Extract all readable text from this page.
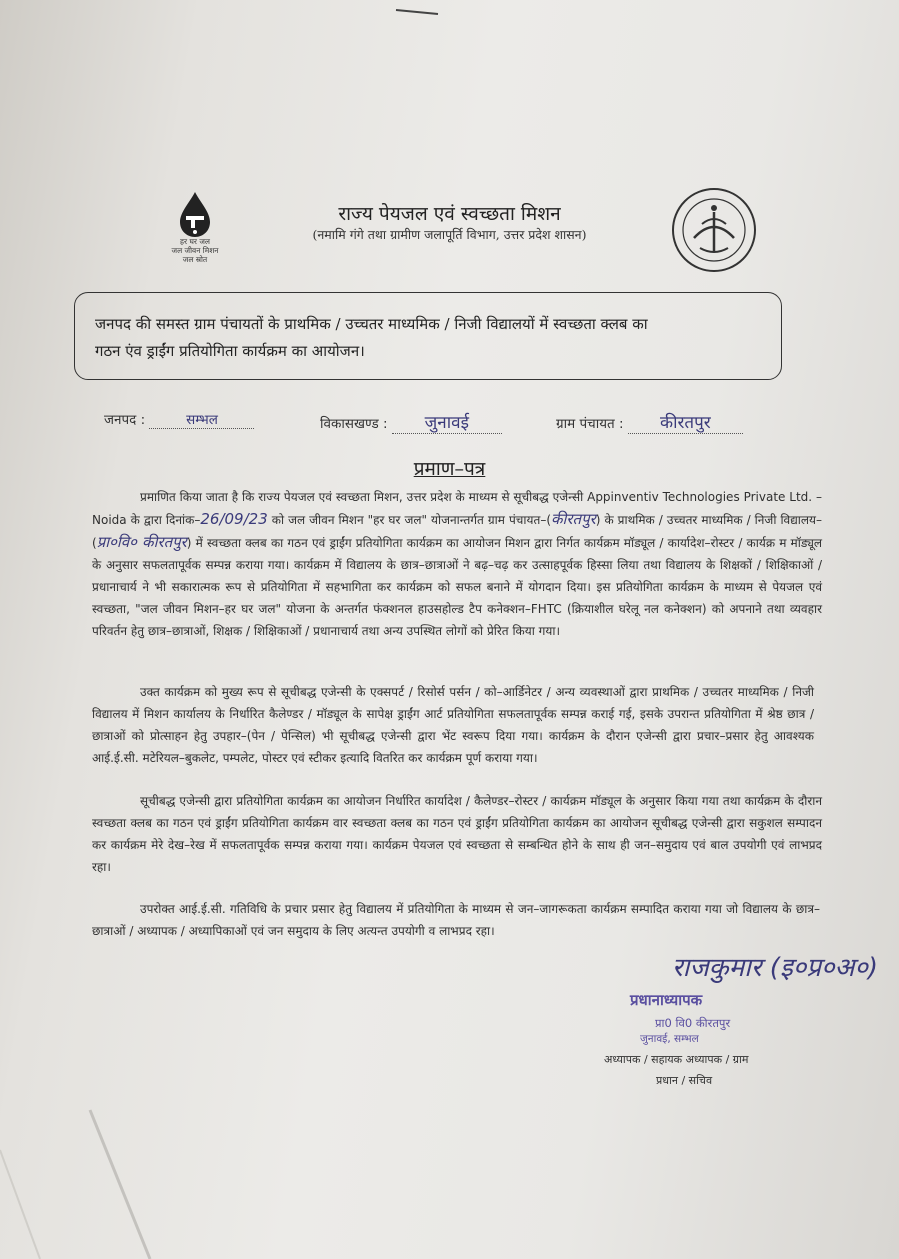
हर घर जल
जल जीवन मिशन
जल स्रोत
राज्य पेयजल एवं स्वच्छता मिशन
(नमामि गंगे तथा ग्रामीण जलापूर्ति विभाग, उत्तर प्रदेश शासन)
जनपद की समस्त ग्राम पंचायतों के प्राथमिक / उच्चतर माध्यमिक / निजी विद्यालयों में स्वच्छता क्लब का
गठन एंव ड्राईंग प्रतियोगिता कार्यक्रम का आयोजन।
जनपद :	सम्भल	विकासखण्ड : जुनावई	ग्राम पंचायत : कीरतपुर
प्रमाण–पत्र

प्रमाणित किया जाता है कि राज्य पेयजल एवं स्वच्छता मिशन, उत्तर प्रदेश के माध्यम से सूचीबद्ध एजेन्सी Appinventiv Technologies Private Ltd. – Noida के द्वारा दिनांक–26/09/23 को जल जीवन मिशन "हर घर जल" योजनान्तर्गत ग्राम पंचायत–(कीरतपुर) के प्राथमिक / उच्चतर माध्यमिक / निजी विद्यालय–(प्रा०वि० कीरतपुर) में स्वच्छता क्लब का गठन एवं ड्राईंग प्रतियोगिता कार्यक्रम का आयोजन मिशन द्वारा निर्गत कार्यक्रम मॉड्यूल / कार्यादेश–रोस्टर / कार्यक्र म मॉड्यूल के अनुसार सफलतापूर्वक सम्पन्न कराया गया। कार्यक्रम में विद्यालय के छात्र–छात्राओं ने बढ़–चढ़ कर उत्साहपूर्वक हिस्सा लिया तथा विद्यालय के शिक्षकों / शिक्षिकाओं / प्रधानाचार्य ने भी सकारात्मक रूप से प्रतियोगिता में सहभागिता कर कार्यक्रम को सफल बनाने में योगदान दिया। इस प्रतियोगिता कार्यक्रम के माध्यम से पेयजल एवं स्वच्छता, "जल जीवन मिशन–हर घर जल" योजना के अन्तर्गत फंक्शनल हाउसहोल्ड टैप कनेक्शन–FHTC (क्रियाशील घरेलू नल कनेक्शन) को अपनाने तथा व्यवहार परिवर्तन हेतु छात्र–छात्राओं, शिक्षक / शिक्षिकाओं / प्रधानाचार्य तथा अन्य उपस्थित लोगों को प्रेरित किया गया।

उक्त कार्यक्रम को मुख्य रूप से सूचीबद्ध एजेन्सी के एक्सपर्ट / रिसोर्स पर्सन / को–आर्डिनेटर / अन्य व्यवस्थाओं द्वारा प्राथमिक / उच्चतर माध्यमिक / निजी विद्यालय में मिशन कार्यालय के निर्धारित कैलेण्डर / मॉड्यूल के सापेक्ष ड्राईंग आर्ट प्रतियोगिता सफलतापूर्वक सम्पन्न कराई गई, इसके उपरान्त प्रतियोगिता में श्रेष्ठ छात्र / छात्राओं को प्रोत्साहन हेतु उपहार–(पेन / पेन्सिल) भी सूचीबद्ध एजेन्सी द्वारा भेंट स्वरूप दिया गया। कार्यक्रम के दौरान एजेन्सी द्वारा प्रचार–प्रसार हेतु आवश्यक आई.ई.सी. मटेरियल–बुकलेट, पम्पलेट, पोस्टर एवं स्टीकर इत्यादि वितरित कर कार्यक्रम पूर्ण कराया गया।

सूचीबद्ध एजेन्सी द्वारा प्रतियोगिता कार्यक्रम का आयोजन निर्धारित कार्यादेश / कैलेण्डर–रोस्टर / कार्यक्रम मॉड्यूल के अनुसार किया गया तथा कार्यक्रम के दौरान स्वच्छता क्लब का गठन एवं ड्राईंग प्रतियोगिता कार्यक्रम वार स्वच्छता क्लब का गठन एवं ड्राईंग प्रतियोगिता कार्यक्रम का आयोजन सूचीबद्ध एजेन्सी द्वारा सकुशल सम्पादन कर कार्यक्रम मेरे देख–रेख में सफलतापूर्वक सम्पन्न कराया गया। कार्यक्रम पेयजल एवं स्वच्छता से सम्बन्धित होने के साथ ही जन–समुदाय एवं बाल उपयोगी एवं लाभप्रद रहा।

उपरोक्त आई.ई.सी. गतिविधि के प्रचार प्रसार हेतु विद्यालय में प्रतियोगिता के माध्यम से जन–जागरूकता कार्यक्रम सम्पादित कराया गया जो विद्यालय के छात्र–छात्राओं / अध्यापक / अध्यापिकाओं एवं जन समुदाय के लिए अत्यन्त उपयोगी व लाभप्रद रहा।

राजकुमार (इ०प्र०अ०)
प्रधानाध्यापक
प्रा0 वि0 कीरतपुर
जुनावई, सम्भल
अध्यापक / सहायक अध्यापक / ग्राम
प्रधान / सचिव
